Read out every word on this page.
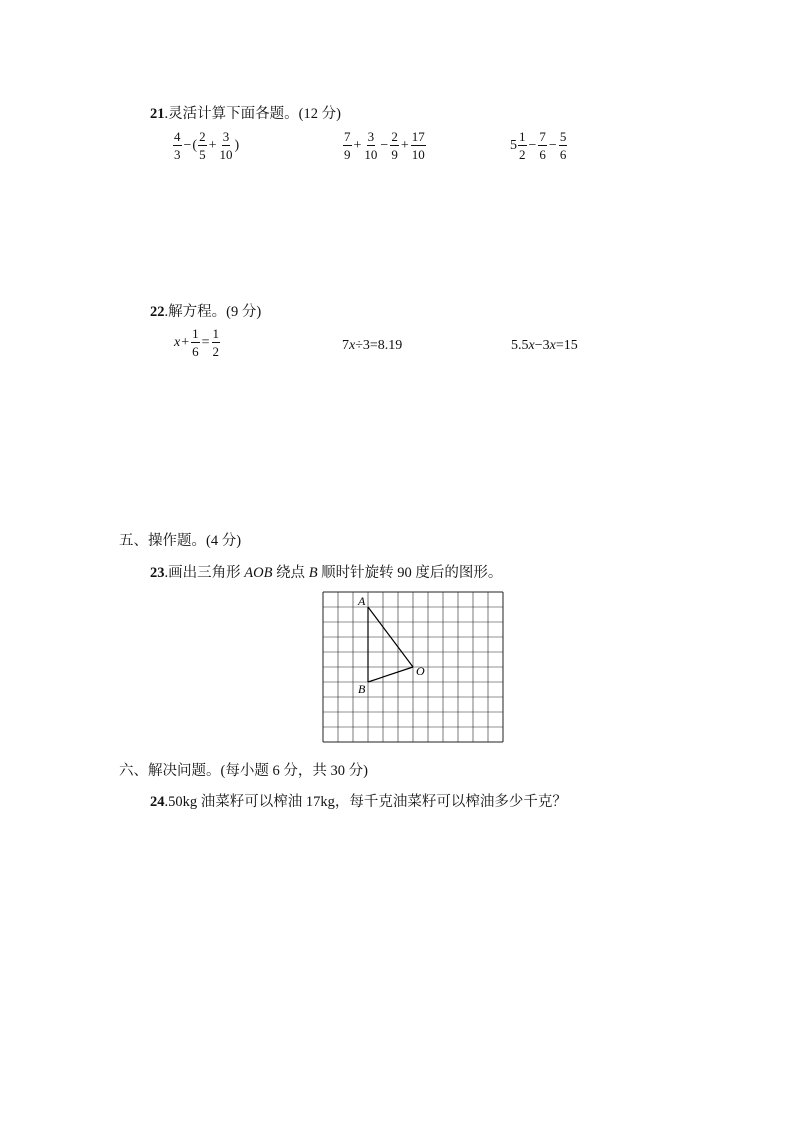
21.灵活计算下面各题。(12 分)
$\frac{4}{3}$ − ( $\frac{2}{5} + \frac{3}{10}$ )	$\frac{7}{9} + \frac{3}{10} - \frac{2}{9} + \frac{17}{10}$	$5 \frac{1}{2} - \frac{7}{6} - \frac{5}{6}$
22.解方程。(9 分)
$x + \frac{1}{6} = \frac{1}{2}$	7x÷3=8.19	5.5x−3x=15
五、操作题。(4 分)
23.画出三角形 AOB 绕点 B 顺时针旋转 90 度后的图形。
A
B
O
六、解决问题。(每小题 6 分，共 30 分)
24.50kg 油菜籽可以榨油 17kg，每千克油菜籽可以榨油多少千克？
